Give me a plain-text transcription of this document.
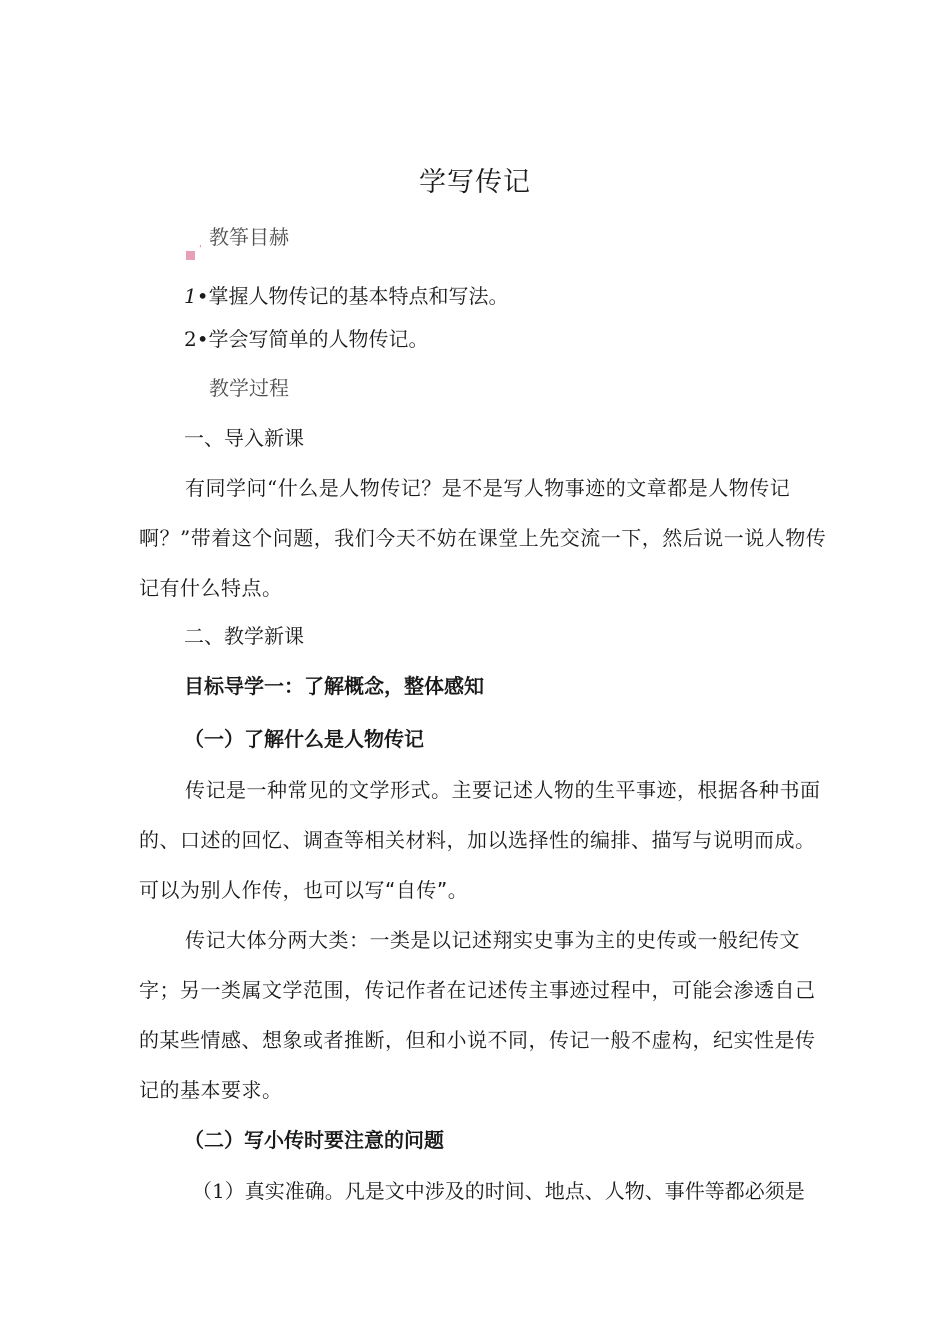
学写传记
ʹ
教筝目赫
1•掌握人物传记的基本特点和写法。
2•学会写简单的人物传记。
教学过程
一、导入新课

有同学问“什么是人物传记？是不是写人物事迹的文章都是人物传记啊？”带着这个问题，我们今天不妨在课堂上先交流一下，然后说一说人物传记有什么特点。

二、教学新课
目标导学一：了解概念，整体感知
（一）了解什么是人物传记

传记是一种常见的文学形式。主要记述人物的生平事迹，根据各种书面的、口述的回忆、调查等相关材料，加以选择性的编排、描写与说明而成。可以为别人作传，也可以写“自传”。

传记大体分两大类：一类是以记述翔实史事为主的史传或一般纪传文字；另一类属文学范围，传记作者在记述传主事迹过程中，可能会渗透自己的某些情感、想象或者推断，但和小说不同，传记一般不虚构，纪实性是传记的基本要求。

（二）写小传时要注意的问题
（1）真实准确。凡是文中涉及的时间、地点、人物、事件等都必须是
